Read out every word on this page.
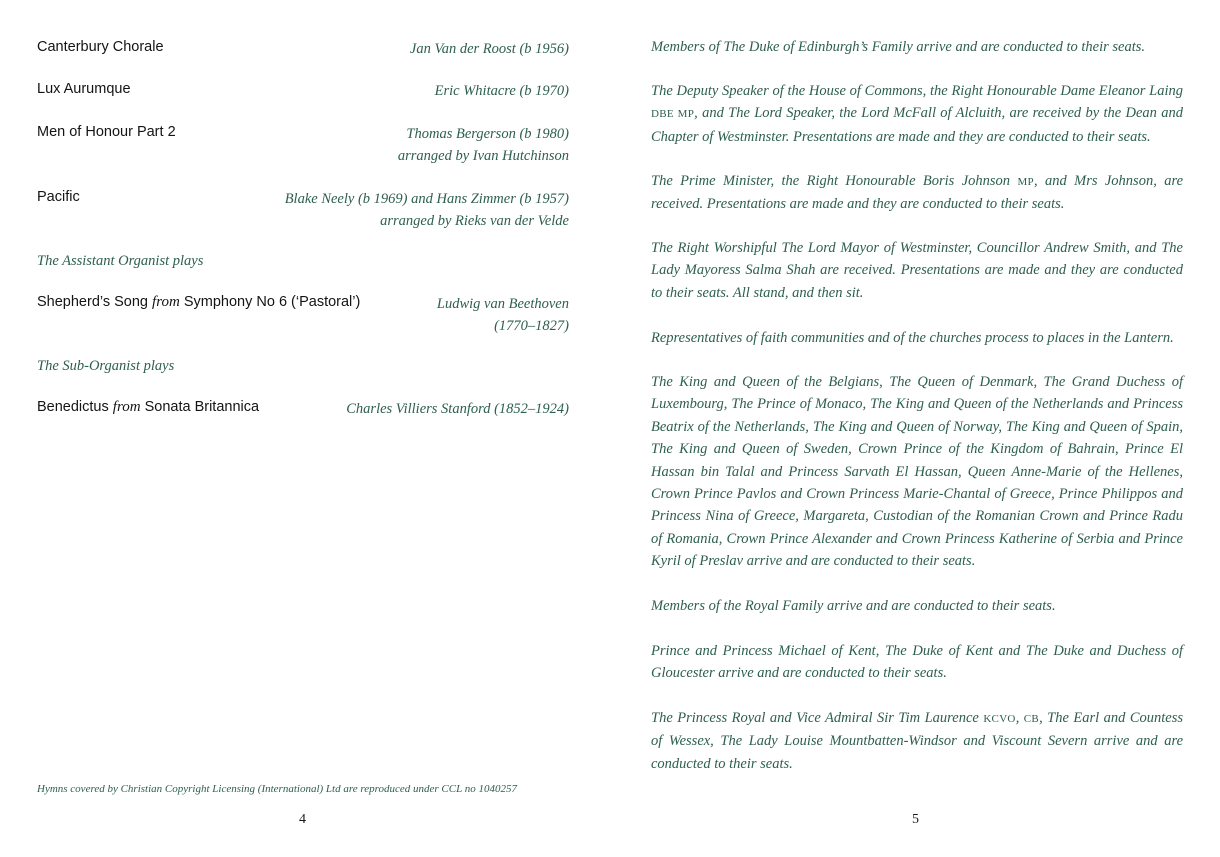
Canterbury Chorale	Jan Van der Roost (b 1956)
Lux Aurumque	Eric Whitacre (b 1970)
Men of Honour Part 2	Thomas Bergerson (b 1980)
arranged by Ivan Hutchinson
Pacific	Blake Neely (b 1969) and Hans Zimmer (b 1957)
arranged by Rieks van der Velde
The Assistant Organist plays
Shepherd’s Song from Symphony No 6 (‘Pastoral’)	Ludwig van Beethoven
(1770–1827)
The Sub-Organist plays
Benedictus from Sonata Britannica	Charles Villiers Stanford (1852–1924)
Hymns covered by Christian Copyright Licensing (International) Ltd are reproduced under CCL no 1040257
4

Members of The Duke of Edinburgh’s Family arrive and are conducted to their seats.

The Deputy Speaker of the House of Commons, the Right Honourable Dame Eleanor Laing DBE MP, and The Lord Speaker, the Lord McFall of Alcluith, are received by the Dean and Chapter of Westminster. Presentations are made and they are conducted to their seats.

The Prime Minister, the Right Honourable Boris Johnson MP, and Mrs Johnson, are received. Presentations are made and they are conducted to their seats.

The Right Worshipful The Lord Mayor of Westminster, Councillor Andrew Smith, and The Lady Mayoress Salma Shah are received. Presentations are made and they are conducted to their seats. All stand, and then sit.

Representatives of faith communities and of the churches process to places in the Lantern.

The King and Queen of the Belgians, The Queen of Denmark, The Grand Duchess of Luxembourg, The Prince of Monaco, The King and Queen of the Netherlands and Princess Beatrix of the Netherlands, The King and Queen of Norway, The King and Queen of Spain, The King and Queen of Sweden, Crown Prince of the Kingdom of Bahrain, Prince El Hassan bin Talal and Princess Sarvath El Hassan, Queen Anne-Marie of the Hellenes, Crown Prince Pavlos and Crown Princess Marie-Chantal of Greece, Prince Philippos and Princess Nina of Greece, Margareta, Custodian of the Romanian Crown and Prince Radu of Romania, Crown Prince Alexander and Crown Princess Katherine of Serbia and Prince Kyril of Preslav arrive and are conducted to their seats.

Members of the Royal Family arrive and are conducted to their seats.

Prince and Princess Michael of Kent, The Duke of Kent and The Duke and Duchess of Gloucester arrive and are conducted to their seats.

The Princess Royal and Vice Admiral Sir Tim Laurence KCVO, CB, The Earl and Countess of Wessex, The Lady Louise Mountbatten-Windsor and Viscount Severn arrive and are conducted to their seats.

5
